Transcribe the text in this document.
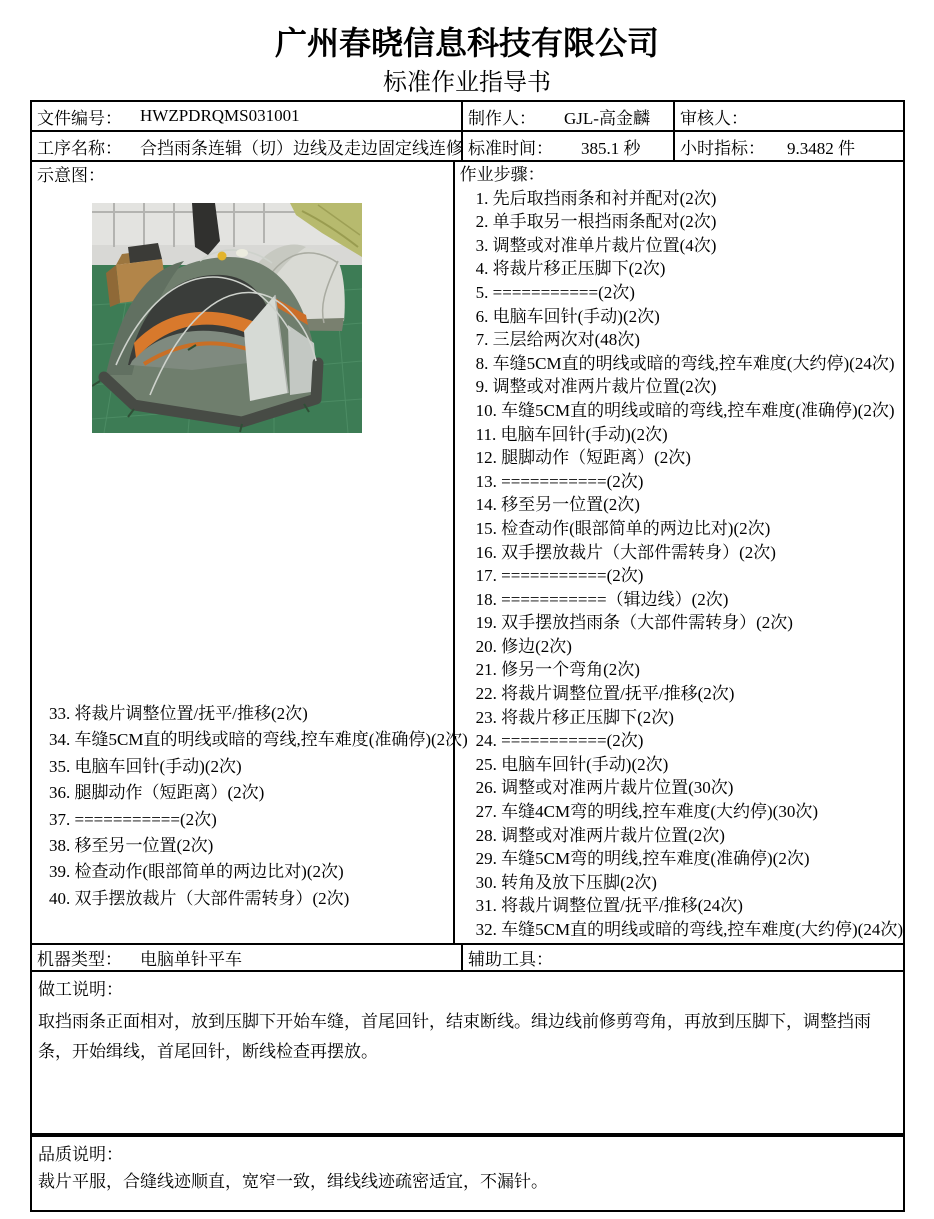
广州春晓信息科技有限公司
标准作业指导书
文件编号： HWZPDRQMS031001	制作人： GJL-高金麟 审核人：
工序名称： 合挡雨条连辑（切）边线及走边固定线连修 标准时间： 385.1 秒 小时指标： 9.3482 件
示意图：
33. 将裁片调整位置/抚平/推移(2次)
34. 车缝5CM直的明线或暗的弯线,控车难度(准确停)(2次)
35. 电脑车回针(手动)(2次)
36. 腿脚动作（短距离）(2次)
37. ===========(2次)
38. 移至另一位置(2次)
39. 检查动作(眼部简单的两边比对)(2次)
40. 双手摆放裁片（大部件需转身）(2次)
作业步骤：
1. 先后取挡雨条和衬并配对(2次)
2. 单手取另一根挡雨条配对(2次)
3. 调整或对准单片裁片位置(4次)
4. 将裁片移正压脚下(2次)
5. ===========(2次)
6. 电脑车回针(手动)(2次)
7. 三层给两次对(48次)
8. 车缝5CM直的明线或暗的弯线,控车难度(大约停)(24次)
9. 调整或对准两片裁片位置(2次)
10. 车缝5CM直的明线或暗的弯线,控车难度(准确停)(2次)
11. 电脑车回针(手动)(2次)
12. 腿脚动作（短距离）(2次)
13. ===========(2次)
14. 移至另一位置(2次)
15. 检查动作(眼部简单的两边比对)(2次)
16. 双手摆放裁片（大部件需转身）(2次)
17. ===========(2次)
18. ===========（辑边线）(2次)
19. 双手摆放挡雨条（大部件需转身）(2次)
20. 修边(2次)
21. 修另一个弯角(2次)
22. 将裁片调整位置/抚平/推移(2次)
23. 将裁片移正压脚下(2次)
24. ===========(2次)
25. 电脑车回针(手动)(2次)
26. 调整或对准两片裁片位置(30次)
27. 车缝4CM弯的明线,控车难度(大约停)(30次)
28. 调整或对准两片裁片位置(2次)
29. 车缝5CM弯的明线,控车难度(准确停)(2次)
30. 转角及放下压脚(2次)
31. 将裁片调整位置/抚平/推移(24次)
32. 车缝5CM直的明线或暗的弯线,控车难度(大约停)(24次)
机器类型： 电脑单针平车	辅助工具：
做工说明：
取挡雨条正面相对，放到压脚下开始车缝，首尾回针，结束断线。缉边线前修剪弯角，再放到压脚下，调整挡雨条，开始缉线，首尾回针，断线检查再摆放。
品质说明：
裁片平服，合缝线迹顺直，宽窄一致，缉线线迹疏密适宜，不漏针。
